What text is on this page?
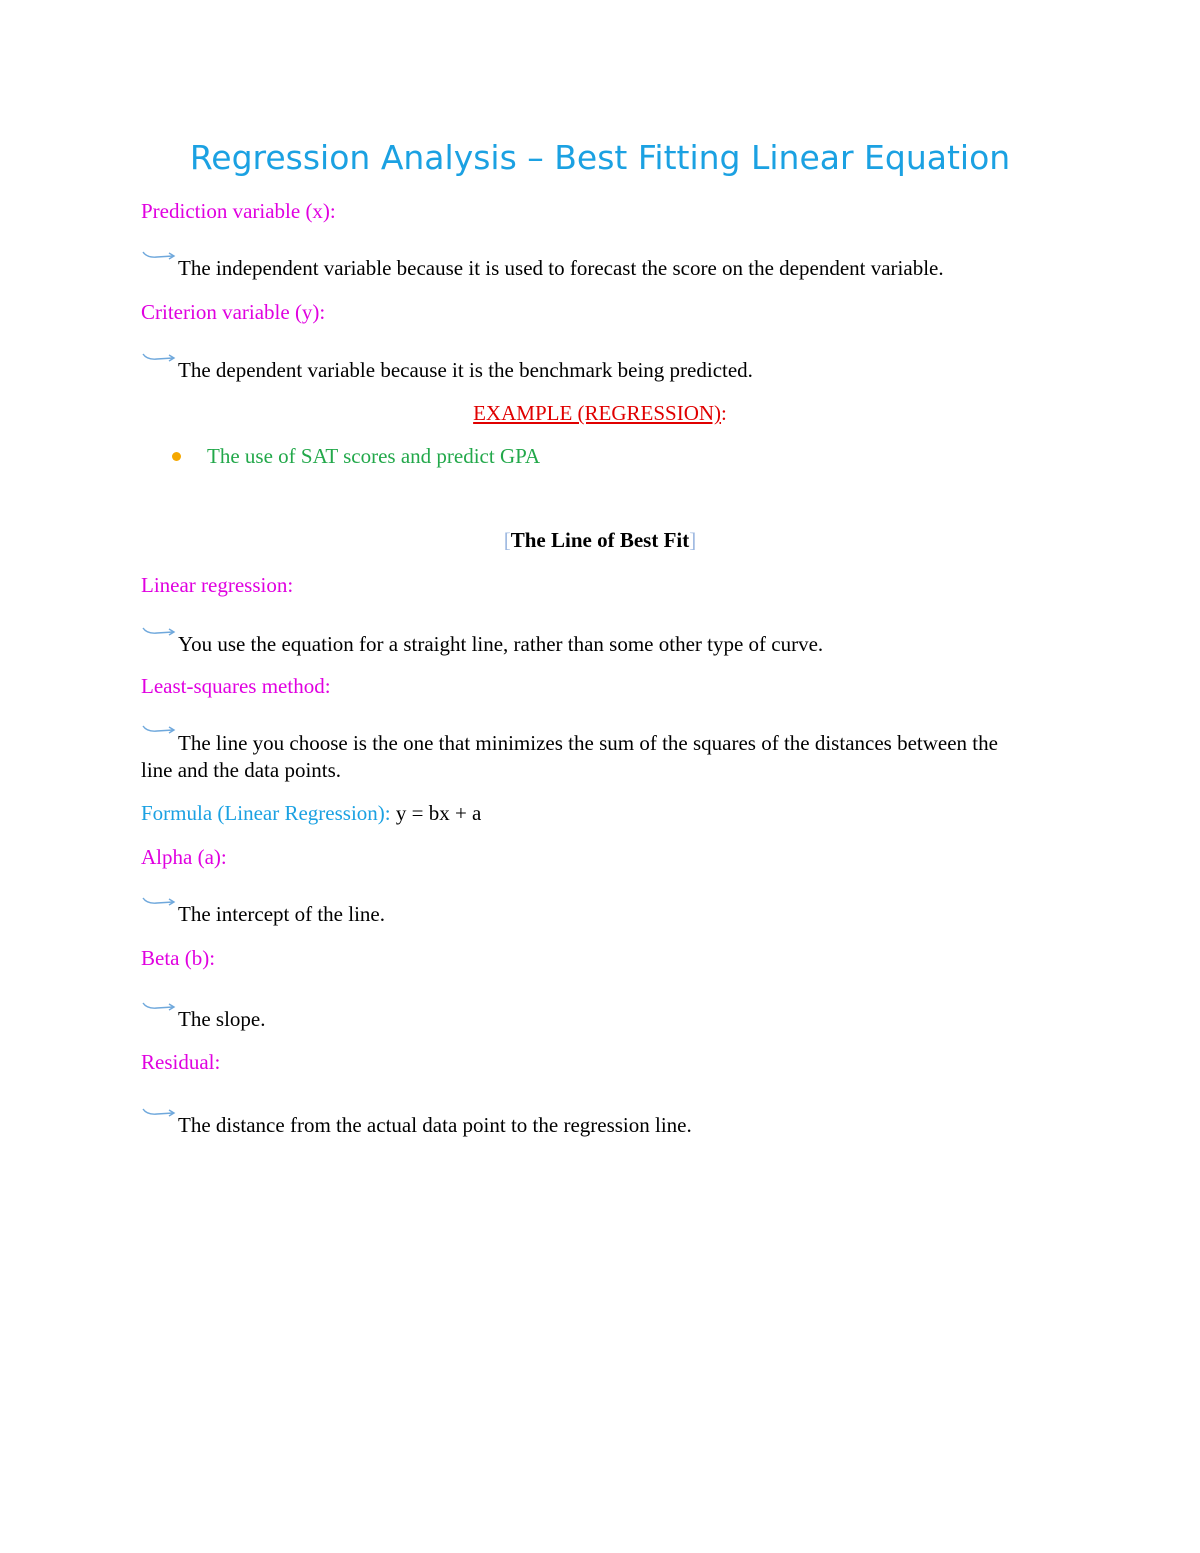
Regression Analysis – Best Fitting Linear Equation
Prediction variable (x):
The independent variable because it is used to forecast the score on the dependent variable.
Criterion variable (y):
The dependent variable because it is the benchmark being predicted.
EXAMPLE (REGRESSION):
The use of SAT scores and predict GPA
[The Line of Best Fit]
Linear regression:
You use the equation for a straight line, rather than some other type of curve.
Least-squares method:
The line you choose is the one that minimizes the sum of the squares of the distances between the line and the data points.
Formula (Linear Regression): y = bx + a
Alpha (a):
The intercept of the line.
Beta (b):
The slope.
Residual:
The distance from the actual data point to the regression line.
